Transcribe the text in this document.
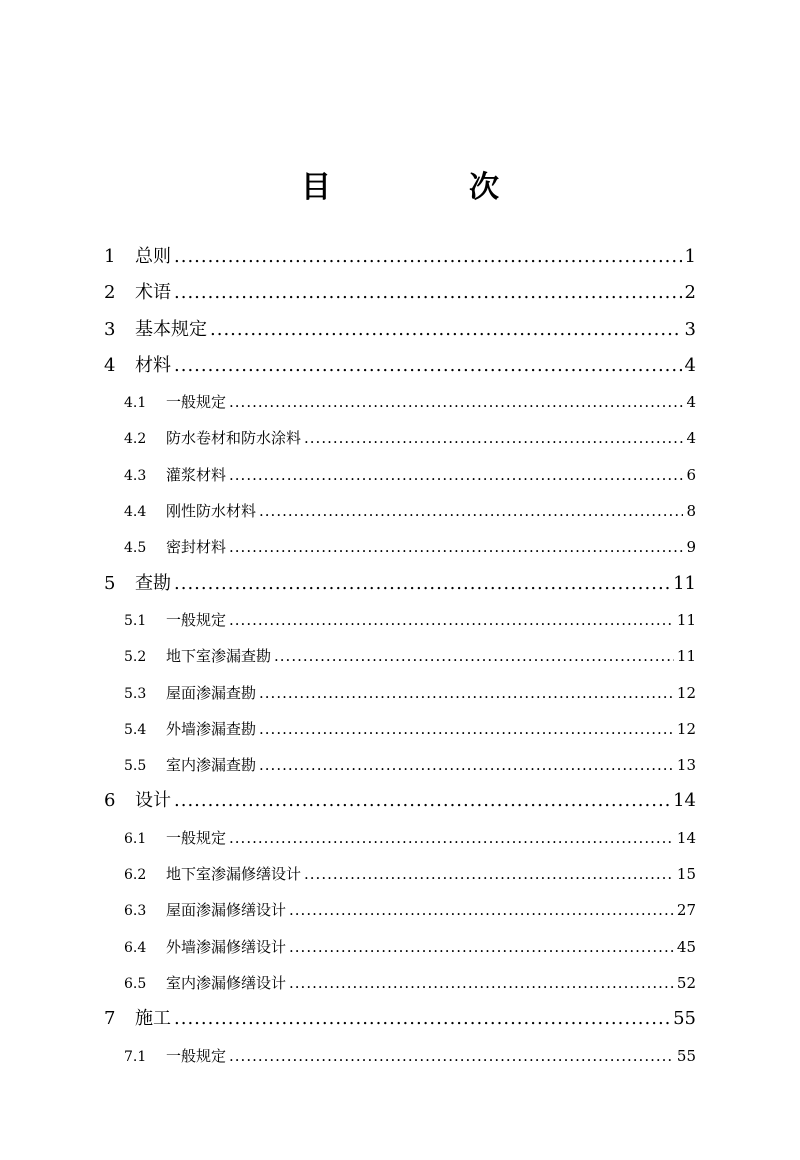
目　次
1	总则 .....	1
2	术语 .....	2
3	基本规定 .....	3
4	材料 .....	4
4.1	一般规定 .....	4
4.2	防水卷材和防水涂料 .....	4
4.3	灌浆材料 .....	6
4.4	刚性防水材料 .....	8
4.5	密封材料 .....	9
5	查勘 .....	11
5.1	一般规定 .....	11
5.2	地下室渗漏查勘 .....	11
5.3	屋面渗漏查勘 .....	12
5.4	外墙渗漏查勘 .....	12
5.5	室内渗漏查勘 .....	13
6	设计 .....	14
6.1	一般规定 .....	14
6.2	地下室渗漏修缮设计 .....	15
6.3	屋面渗漏修缮设计 .....	27
6.4	外墙渗漏修缮设计 .....	45
6.5	室内渗漏修缮设计 .....	52
7	施工 .....	55
7.1	一般规定 .....	55
